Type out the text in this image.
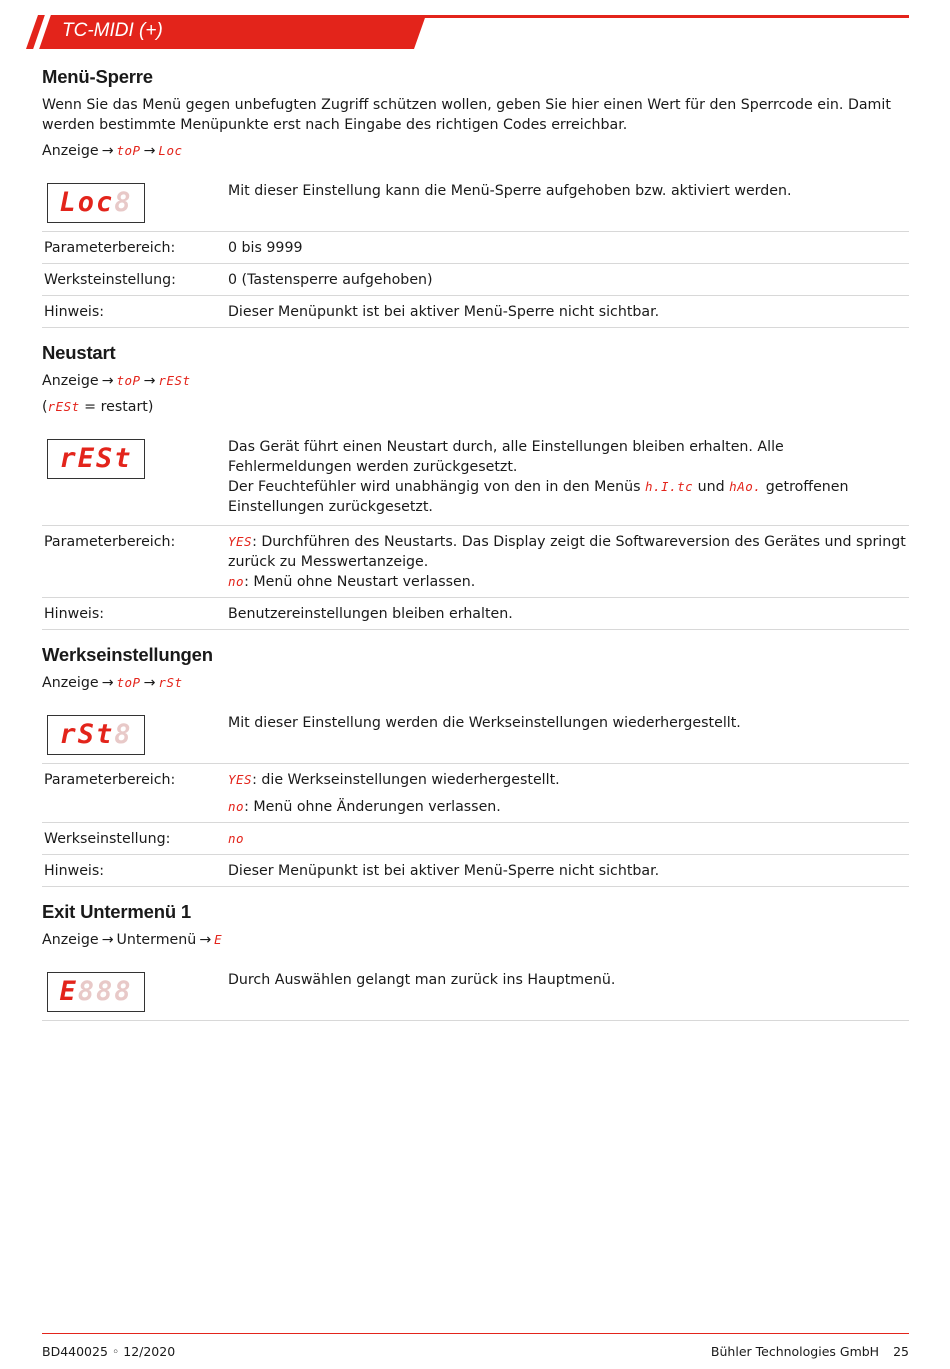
TC-MIDI (+)
Menü-Sperre

Wenn Sie das Menü gegen unbefugten Zugriff schützen wollen, geben Sie hier einen Wert für den Sperrcode ein. Damit werden bestimmte Menüpunkte erst nach Eingabe des richtigen Codes erreichbar.

Anzeige → toP → Loc
Loc 8	Mit dieser Einstellung kann die Menü-Sperre aufgehoben bzw. aktiviert werden.
Parameterbereich:	0 bis 9999
Werksteinstellung:	0 (Tastensperre aufgehoben)
Hinweis:	Dieser Menüpunkt ist bei aktiver Menü-Sperre nicht sichtbar.
Neustart
Anzeige → toP → rESt

(rESt = restart)

rESt	Das Gerät führt einen Neustart durch, alle Einstellungen bleiben erhalten. Alle Fehlermeldungen werden zurückgesetzt.
Der Feuchtefühler wird unabhängig von den in den Menüs h.I.tc und hAo. getroffenen Einstellungen zurückgesetzt.
Parameterbereich:	YES: Durchführen des Neustarts. Das Display zeigt die Softwareversion des Gerätes und springt zurück zu Messwertanzeige.
no: Menü ohne Neustart verlassen.
Hinweis:	Benutzereinstellungen bleiben erhalten.
Werkseinstellungen
Anzeige → toP → rSt
rSt 8	Mit dieser Einstellung werden die Werkseinstellungen wiederhergestellt.
Parameterbereich:	YES: die Werkseinstellungen wiederhergestellt.
no: Menü ohne Änderungen verlassen.
Werkseinstellung:	no
Hinweis:	Dieser Menüpunkt ist bei aktiver Menü-Sperre nicht sichtbar.
Exit Untermenü 1
Anzeige → Untermenü → E
E 888	Durch Auswählen gelangt man zurück ins Hauptmenü.
BD440025 ◦ 12/2020	Bühler Technologies GmbH 25
